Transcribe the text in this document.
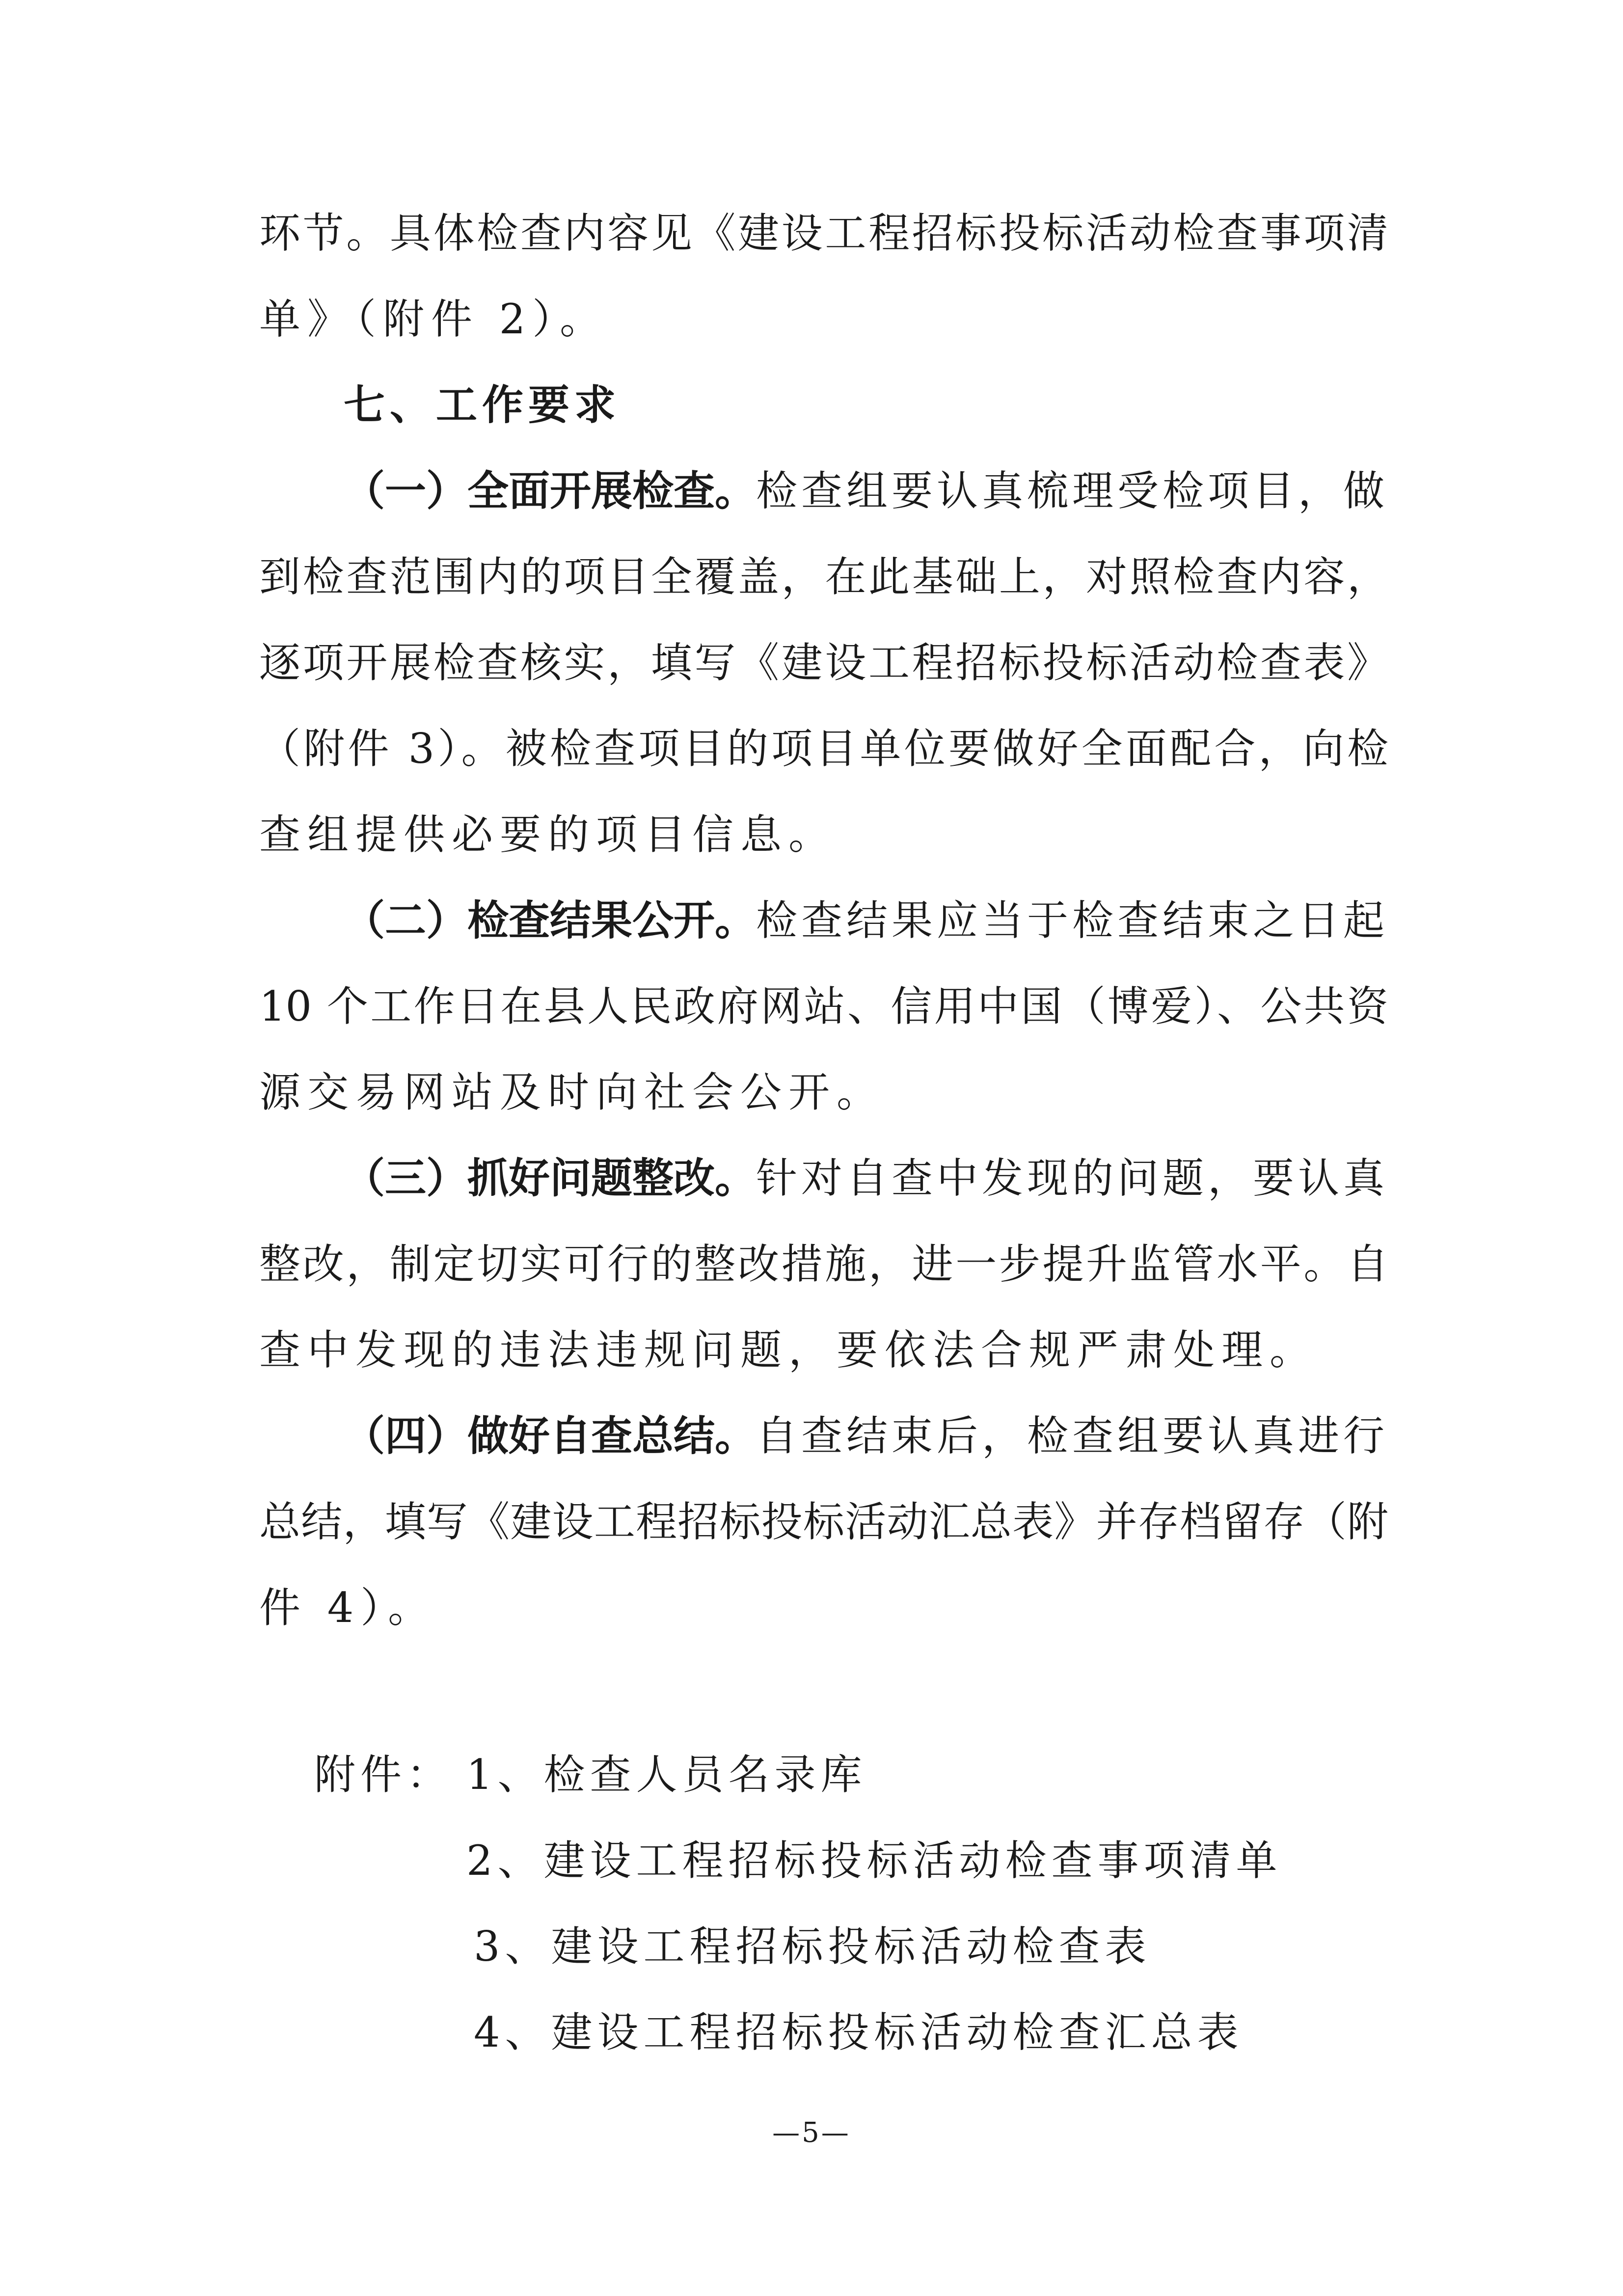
环节。具体检查内容见《建设工程招标投标活动检查事项清
单》（附件 2）。
七、工作要求
（一）全面开展检查。 检查组要认真梳理受检项目，做
到检查范围内的项目全覆盖，在此基础上，对照检查内容，
逐项开展检查核实，填写《建设工程招标投标活动检查表》
（附件 3）。被检查项目的项目单位要做好全面配合，向检
查组提供必要的项目信息。
（二）检查结果公开。 检查结果应当于检查结束之日起
10 个工作日在县人民政府网站、信用中国（博爱）、公共资
源交易网站及时向社会公开。
（三）抓好问题整改。 针对自查中发现的问题，要认真
整改，制定切实可行的整改措施，进一步提升监管水平。自
查中发现的违法违规问题，要依法合规严肃处理。
（四）做好自查总结。 自查结束后，检查组要认真进行
总结，填写《建设工程招标投标活动汇总表》并存档留存（附
件 4）。
附件： 1、检查人员名录库
2、建设工程招标投标活动检查事项清单
3、建设工程招标投标活动检查表
4、建设工程招标投标活动检查汇总表
—5—
